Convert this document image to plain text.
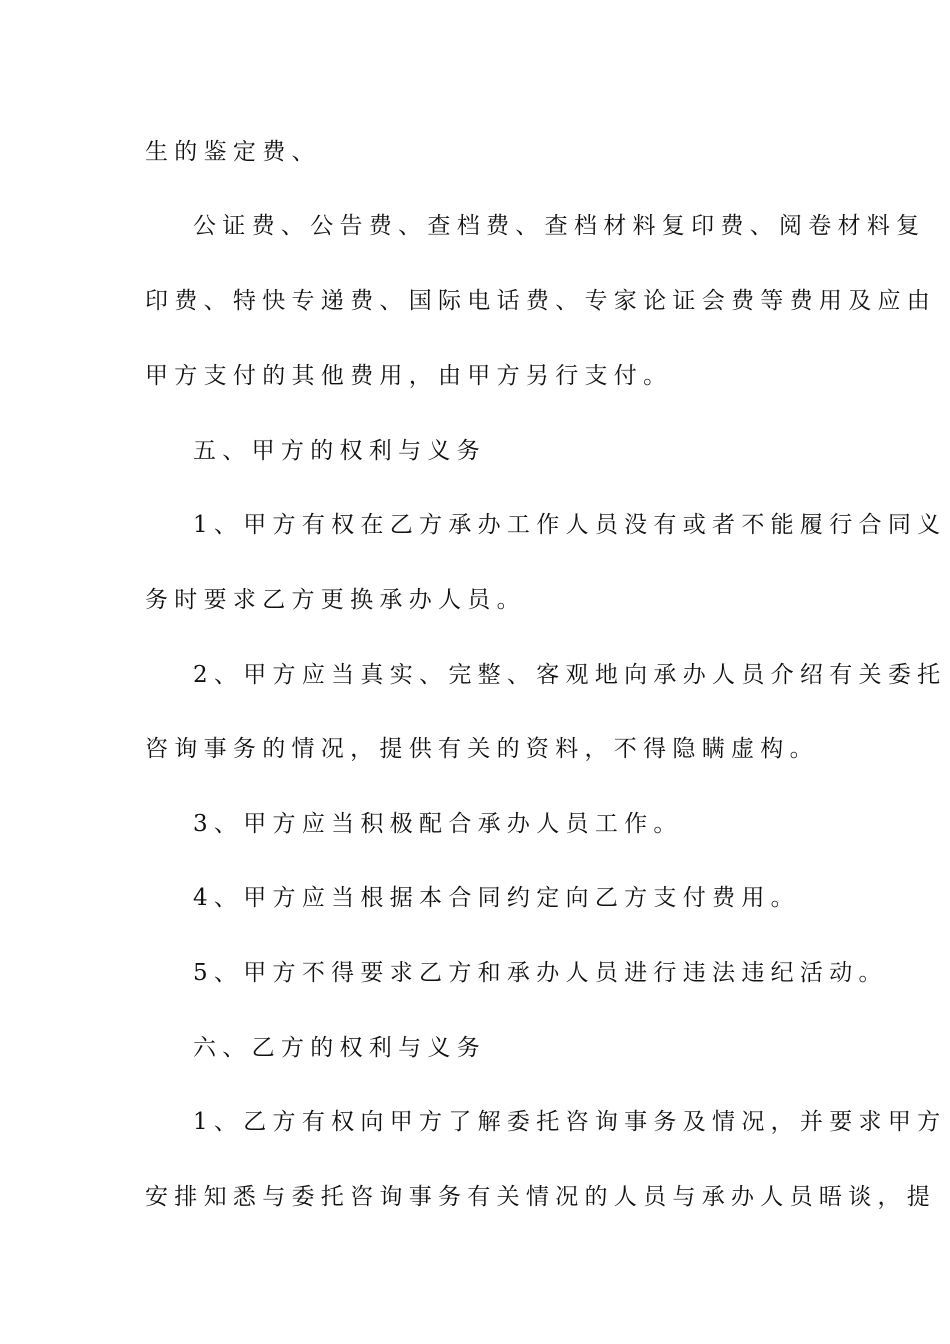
生的鉴定费、

公证费、公告费、查档费、查档材料复印费、阅卷材料复

印费、特快专递费、国际电话费、专家论证会费等费用及应由

甲方支付的其他费用，由甲方另行支付。

五、甲方的权利与义务

1、甲方有权在乙方承办工作人员没有或者不能履行合同义

务时要求乙方更换承办人员。

2、甲方应当真实、完整、客观地向承办人员介绍有关委托

咨询事务的情况，提供有关的资料，不得隐瞒虚构。

3、甲方应当积极配合承办人员工作。

4、甲方应当根据本合同约定向乙方支付费用。

5、甲方不得要求乙方和承办人员进行违法违纪活动。

六、乙方的权利与义务

1、乙方有权向甲方了解委托咨询事务及情况，并要求甲方

安排知悉与委托咨询事务有关情况的人员与承办人员晤谈，提
